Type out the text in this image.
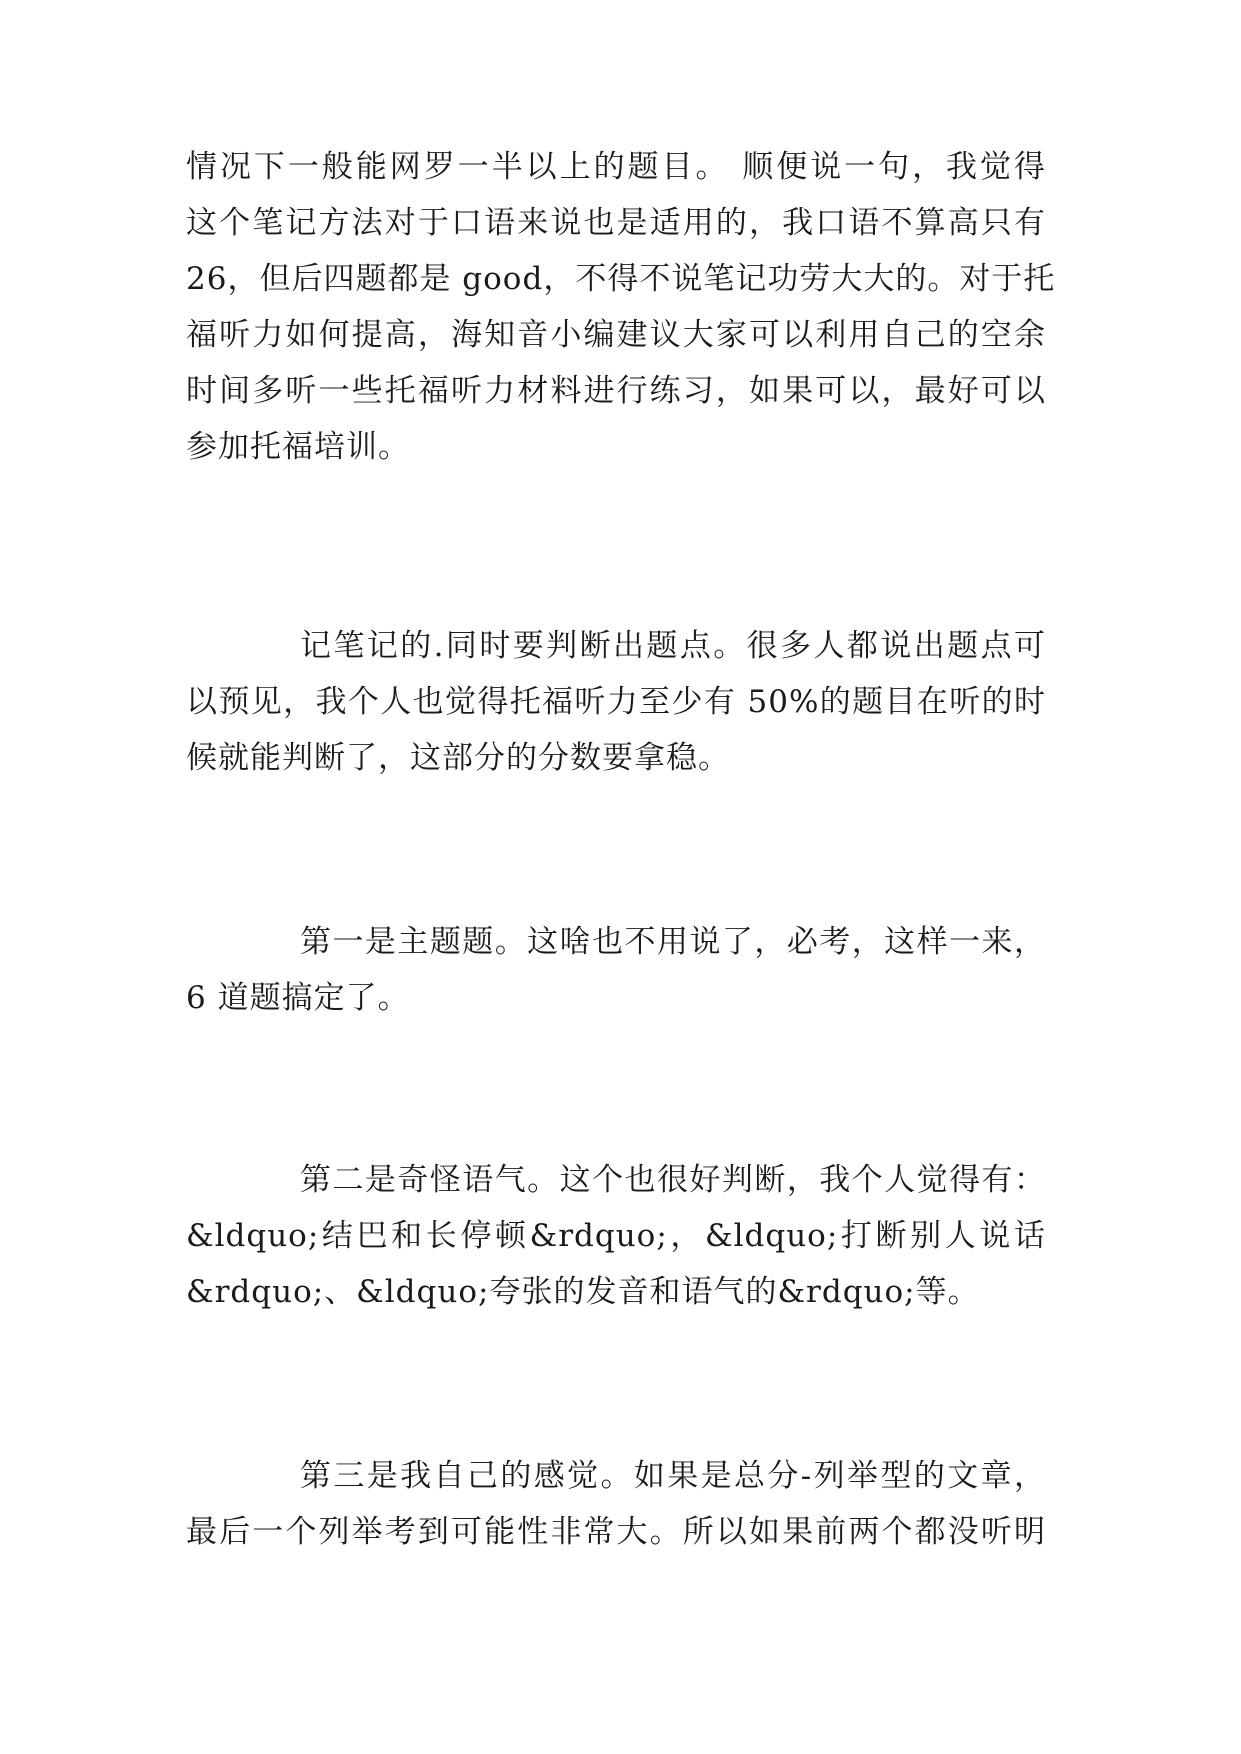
情况下一般能网罗一半以上的题目。 顺便说一句，我觉得
这个笔记方法对于口语来说也是适用的，我口语不算高只有
26，但后四题都是 good，不得不说笔记功劳大大的。对于托
福听力如何提高，海知音小编建议大家可以利用自己的空余
时间多听一些托福听力材料进行练习，如果可以，最好可以
参加托福培训。
记笔记的.同时要判断出题点。很多人都说出题点可
以预见，我个人也觉得托福听力至少有 50%的题目在听的时
候就能判断了，这部分的分数要拿稳。
第一是主题题。这啥也不用说了，必考，这样一来，
6 道题搞定了。
第二是奇怪语气。这个也很好判断，我个人觉得有：
&ldquo;结巴和长停顿&rdquo;，&ldquo;打断别人说话
&rdquo;、&ldquo;夸张的发音和语气的&rdquo;等。
第三是我自己的感觉。如果是总分-列举型的文章，
最后一个列举考到可能性非常大。所以如果前两个都没听明
